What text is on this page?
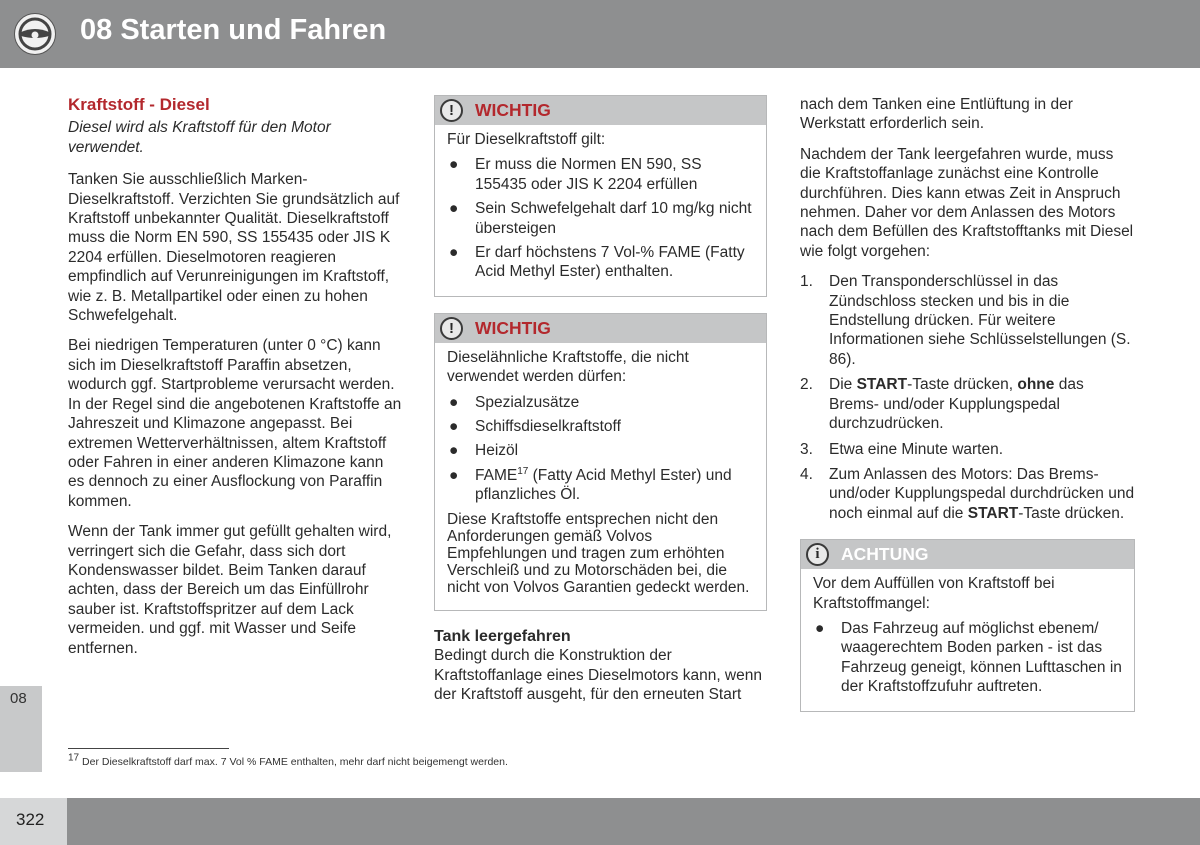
08 Starten und Fahren
08
Kraftstoff - Diesel

Diesel wird als Kraftstoff für den Motor verwendet.

Tanken Sie ausschließlich Marken-Dieselkraftstoff. Verzichten Sie grundsätzlich auf Kraftstoff unbekannter Qualität. Dieselkraftstoff muss die Norm EN 590, SS 155435 oder JIS K 2204 erfüllen. Dieselmotoren reagieren empfindlich auf Verunreinigungen im Kraftstoff, wie z. B. Metallpartikel oder einen zu hohen Schwefelgehalt.

Bei niedrigen Temperaturen (unter 0 °C) kann sich im Dieselkraftstoff Paraffin absetzen, wodurch ggf. Startprobleme verursacht werden. In der Regel sind die angebotenen Kraftstoffe an Jahreszeit und Klimazone angepasst. Bei extremen Wetterverhältnissen, altem Kraftstoff oder Fahren in einer anderen Klimazone kann es dennoch zu einer Ausflockung von Paraffin kommen.

Wenn der Tank immer gut gefüllt gehalten wird, verringert sich die Gefahr, dass sich dort Kondenswasser bildet. Beim Tanken darauf achten, dass der Bereich um das Einfüllrohr sauber ist. Kraftstoffspritzer auf dem Lack vermeiden. und ggf. mit Wasser und Seife entfernen.

!	WICHTIG

Für Dieselkraftstoff gilt:

● Er muss die Normen EN 590, SS 155435 oder JIS K 2204 erfüllen
● Sein Schwefelgehalt darf 10 mg/kg nicht übersteigen
● Er darf höchstens 7 Vol-% FAME (Fatty Acid Methyl Ester) enthalten.
!	WICHTIG

Dieselähnliche Kraftstoffe, die nicht verwendet werden dürfen:

● Spezialzusätze
● Schiffsdieselkraftstoff
● Heizöl
● FAME$^{17}$ (Fatty Acid Methyl Ester) und pflanzliches Öl.

Diese Kraftstoffe entsprechen nicht den Anforderungen gemäß Volvos Empfehlungen und tragen zum erhöhten Verschleiß und zu Motorschäden bei, die nicht von Volvos Garantien gedeckt werden.

Tank leergefahren

Bedingt durch die Konstruktion der Kraftstoffanlage eines Dieselmotors kann, wenn der Kraftstoff ausgeht, für den erneuten Start

nach dem Tanken eine Entlüftung in der Werkstatt erforderlich sein.

Nachdem der Tank leergefahren wurde, muss die Kraftstoffanlage zunächst eine Kontrolle durchführen. Dies kann etwas Zeit in Anspruch nehmen. Daher vor dem Anlassen des Motors nach dem Befüllen des Kraftstofftanks mit Diesel wie folgt vorgehen:

1. Den Transponderschlüssel in das Zündschloss stecken und bis in die Endstellung drücken. Für weitere Informationen siehe Schlüsselstellungen (S. 86).
2. Die START-Taste drücken, ohne das Brems- und/oder Kupplungspedal durchzudrücken.
3. Etwa eine Minute warten.
4. Zum Anlassen des Motors: Das Brems- und/oder Kupplungspedal durchdrücken und noch einmal auf die START-Taste drücken.
i	ACHTUNG

Vor dem Auffüllen von Kraftstoff bei Kraftstoffmangel:

● Das Fahrzeug auf möglichst ebenem/ waagerechtem Boden parken - ist das Fahrzeug geneigt, können Lufttaschen in der Kraftstoffzufuhr auftreten.
$^{17}$ Der Dieselkraftstoff darf max. 7 Vol % FAME enthalten, mehr darf nicht beigemengt werden.
322
